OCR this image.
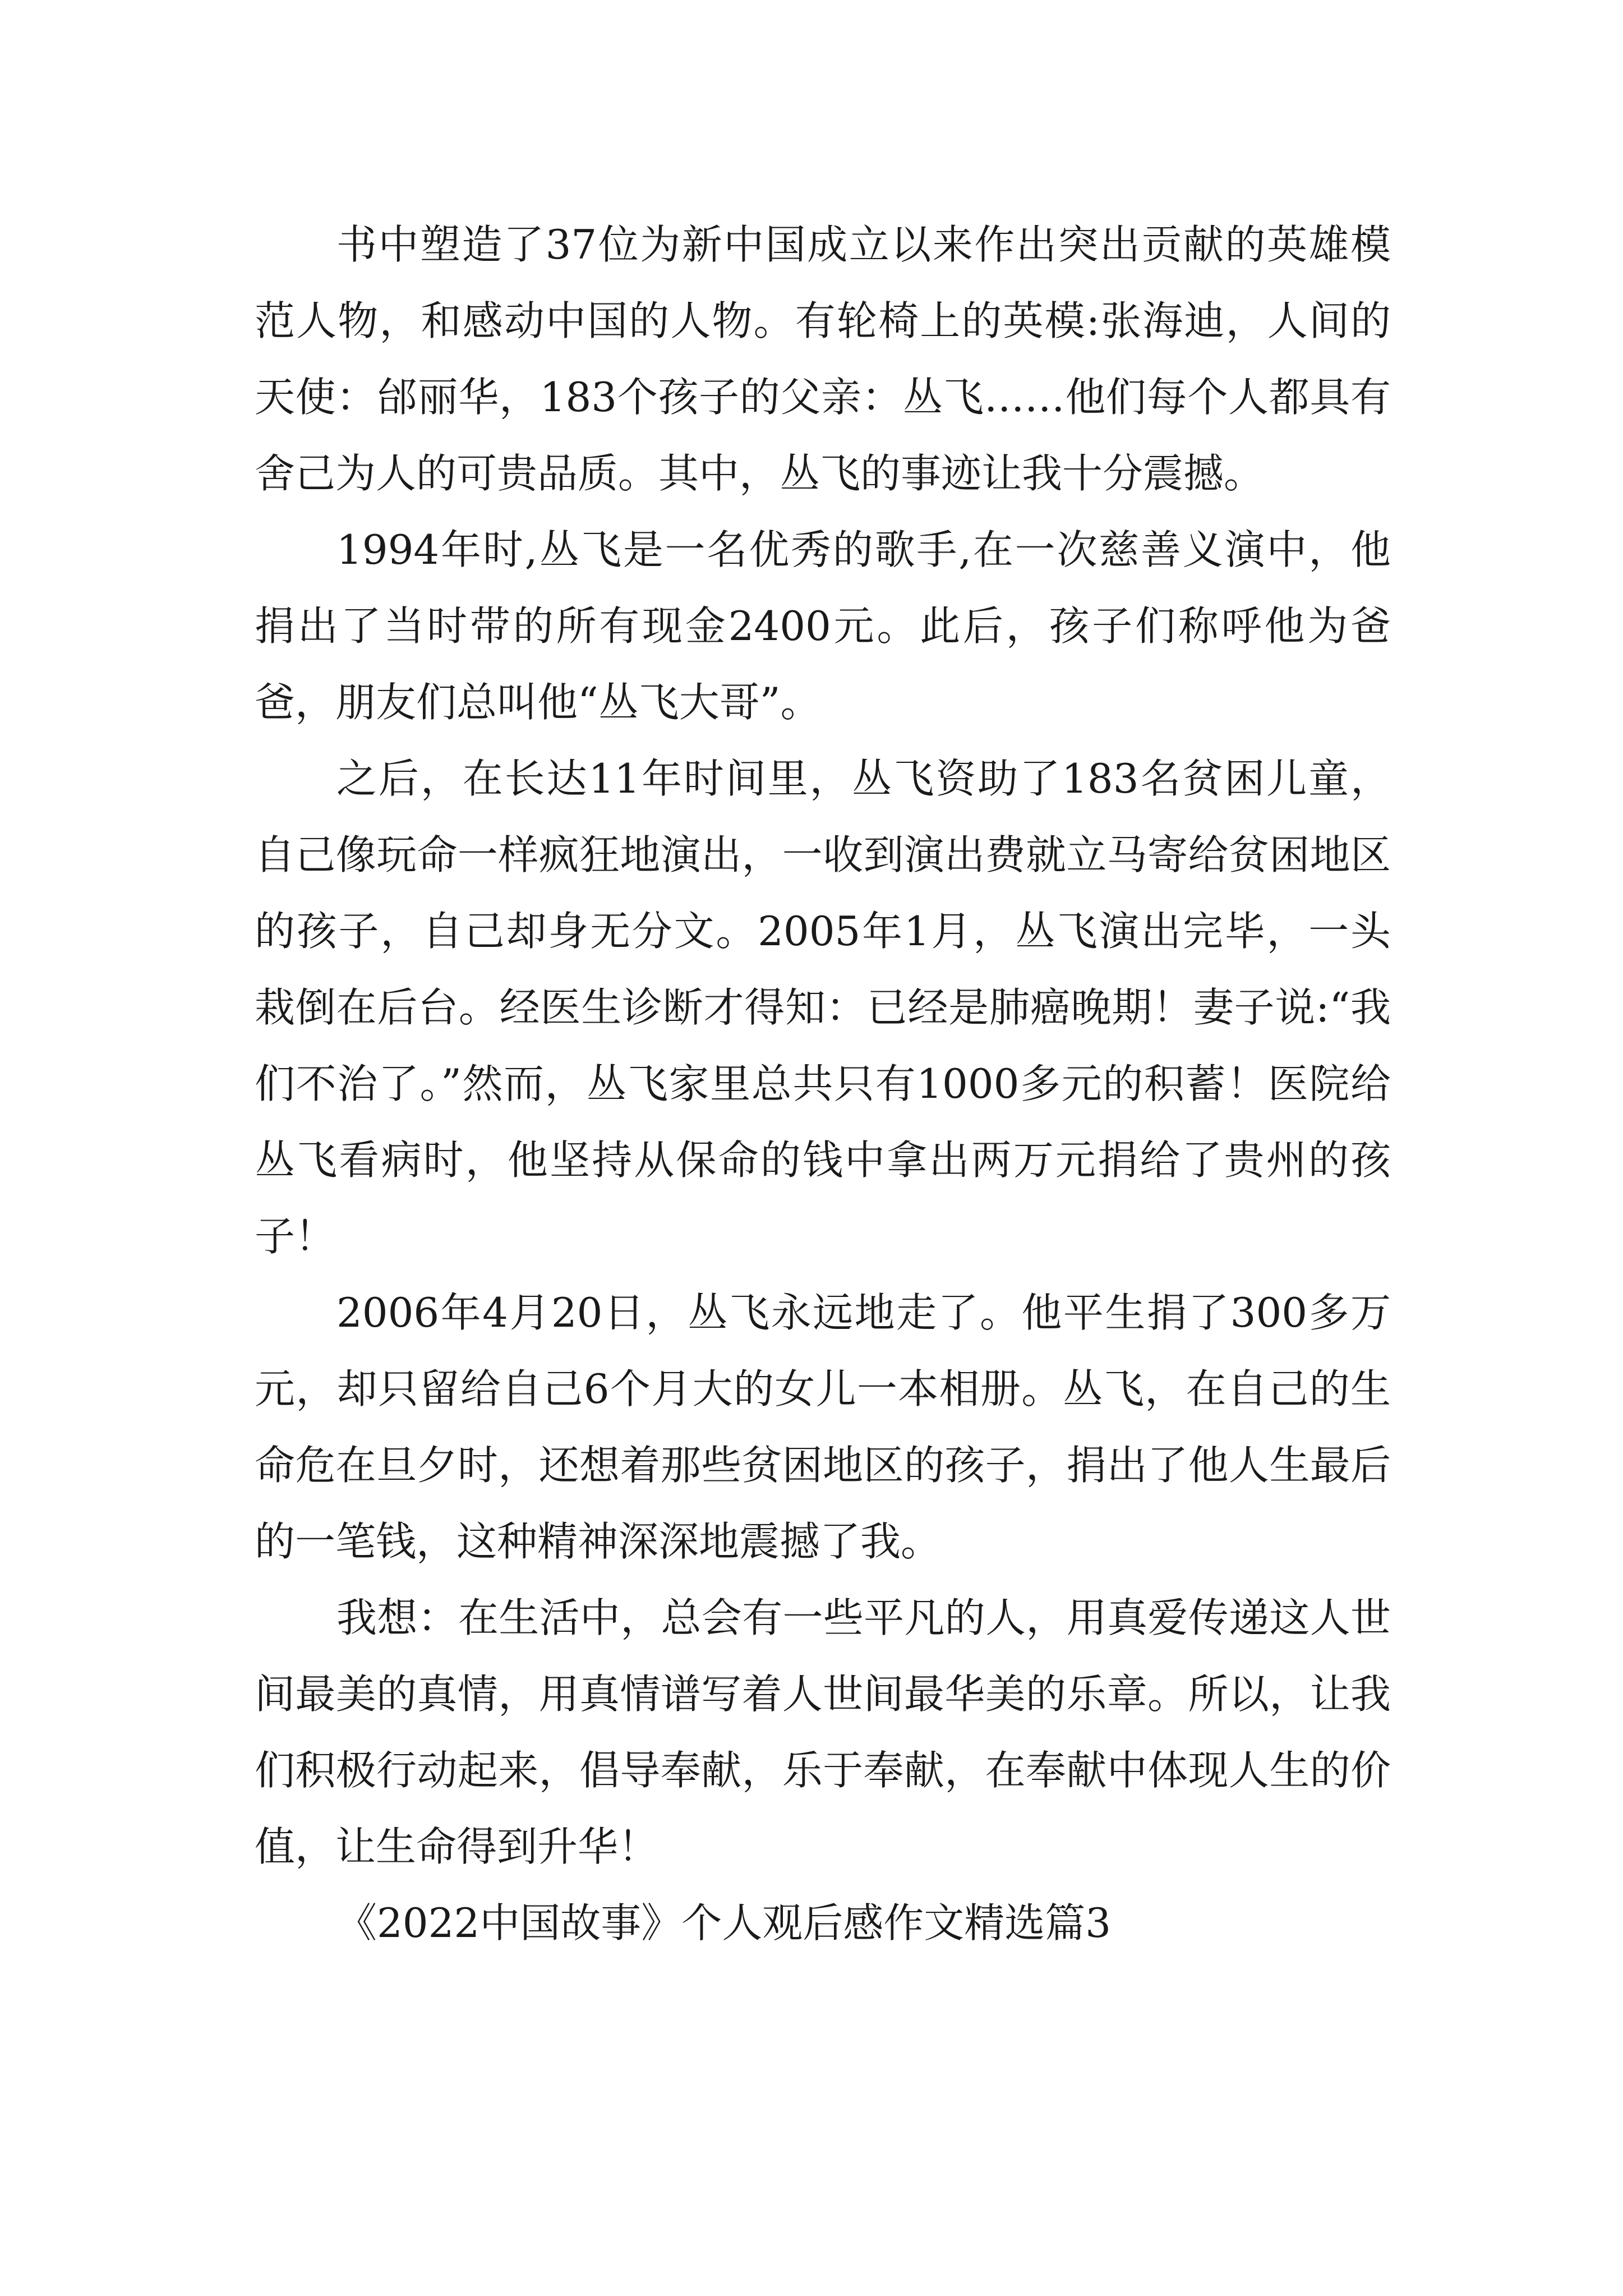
书中塑造了37位为新中国成立以来作出突出贡献的英雄模范人物，和感动中国的人物。有轮椅上的英模:张海迪，人间的天使：邰丽华，183个孩子的父亲：丛飞……他们每个人都具有舍己为人的可贵品质。其中，丛飞的事迹让我十分震撼。

1994年时,丛飞是一名优秀的歌手,在一次慈善义演中，他捐出了当时带的所有现金2400元。此后，孩子们称呼他为爸爸，朋友们总叫他“丛飞大哥”。

之后，在长达11年时间里，丛飞资助了183名贫困儿童，自己像玩命一样疯狂地演出，一收到演出费就立马寄给贫困地区的孩子，自己却身无分文。2005年1月，丛飞演出完毕，一头栽倒在后台。经医生诊断才得知：已经是肺癌晚期！妻子说:“我们不治了。”然而，丛飞家里总共只有1000多元的积蓄！医院给丛飞看病时，他坚持从保命的钱中拿出两万元捐给了贵州的孩子！

2006年4月20日，丛飞永远地走了。他平生捐了300多万元，却只留给自己6个月大的女儿一本相册。丛飞，在自己的生命危在旦夕时，还想着那些贫困地区的孩子，捐出了他人生最后的一笔钱，这种精神深深地震撼了我。

我想：在生活中，总会有一些平凡的人，用真爱传递这人世间最美的真情，用真情谱写着人世间最华美的乐章。所以，让我们积极行动起来，倡导奉献，乐于奉献，在奉献中体现人生的价值，让生命得到升华！

《2022中国故事》个人观后感作文精选篇3
